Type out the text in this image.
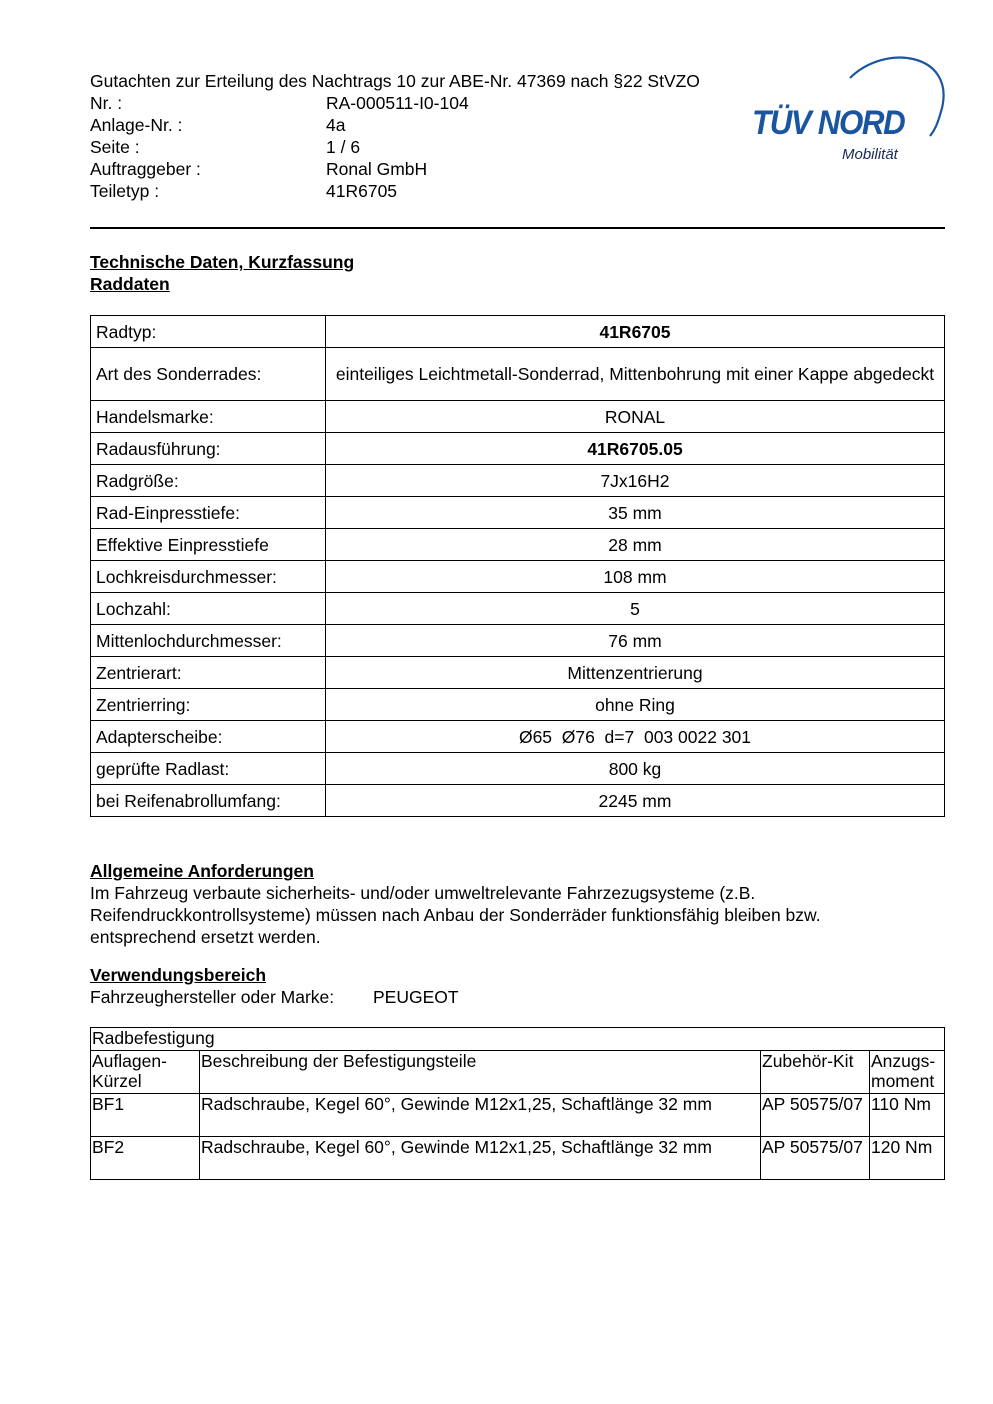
Gutachten zur Erteilung des Nachtrags 10 zur ABE-Nr. 47369 nach §22 StVZO
Nr. :	RA-000511-I0-104
Anlage-Nr. :	4a
Seite :	1 / 6
Auftraggeber :	Ronal GmbH
Teiletyp :	41R6705
TÜV NORD
Mobilität
Technische Daten, Kurzfassung
Raddaten
Radtyp:	41R6705
Art des Sonderrades:	einteiliges Leichtmetall-Sonderrad, Mittenbohrung mit einer Kappe abgedeckt
Handelsmarke:	RONAL
Radausführung:	41R6705.05
Radgröße:	7Jx16H2
Rad-Einpresstiefe:	35 mm
Effektive Einpresstiefe	28 mm
Lochkreisdurchmesser:	108 mm
Lochzahl:	5
Mittenlochdurchmesser:	76 mm
Zentrierart:	Mittenzentrierung
Zentrierring:	ohne Ring
Adapterscheibe:	Ø65  Ø76  d=7  003 0022 301
geprüfte Radlast:	800 kg
bei Reifenabrollumfang:	2245 mm
Allgemeine Anforderungen
Im Fahrzeug verbaute sicherheits- und/oder umweltrelevante Fahrzezugsysteme (z.B.
Reifendruckkontrollsysteme) müssen nach Anbau der Sonderräder funktionsfähig bleiben bzw.
entsprechend ersetzt werden.
Verwendungsbereich
Fahrzeughersteller oder Marke:	PEUGEOT
Radbefestigung			
Auflagen-Kürzel	Beschreibung der Befestigungsteile	Zubehör-Kit	Anzugs-moment
BF1	Radschraube, Kegel 60°, Gewinde M12x1,25, Schaftlänge 32 mm	AP 50575/07	110 Nm
BF2	Radschraube, Kegel 60°, Gewinde M12x1,25, Schaftlänge 32 mm	AP 50575/07	120 Nm
